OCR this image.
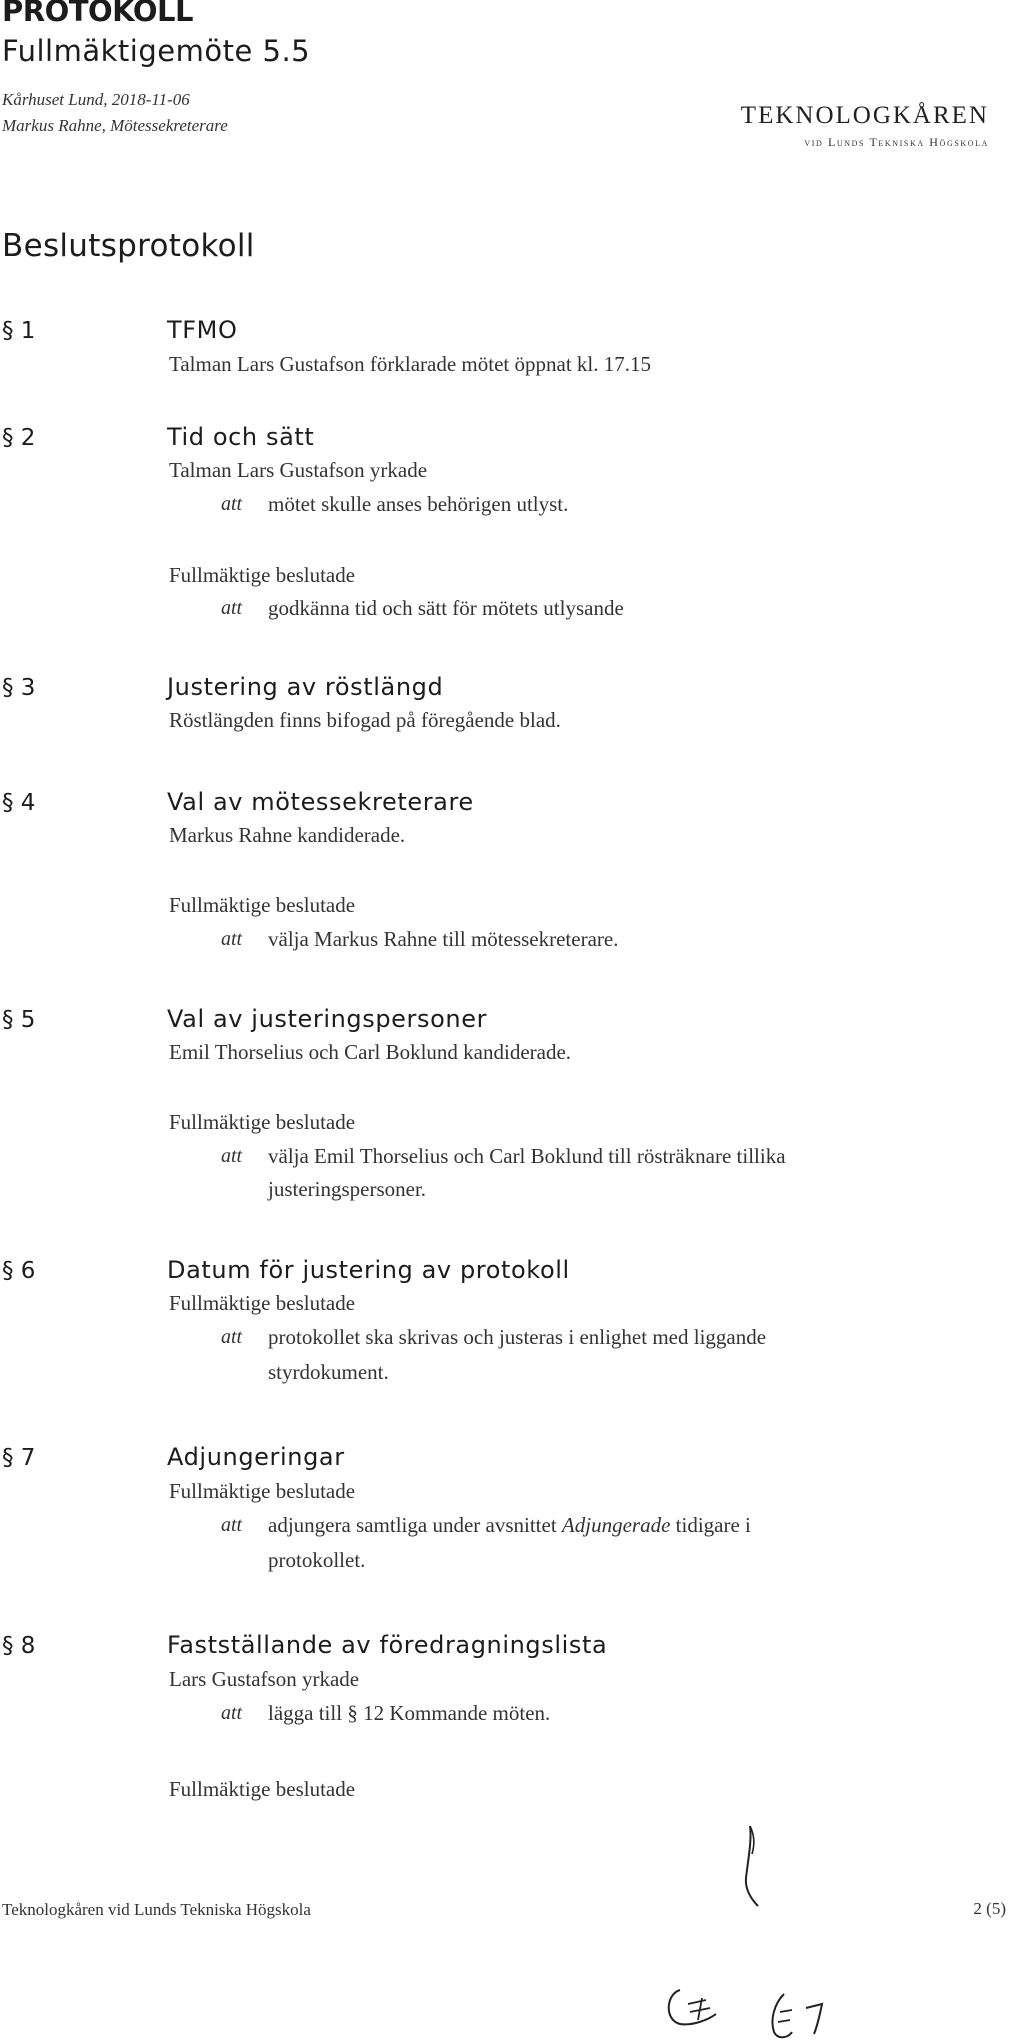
PROTOKOLL
Fullmäktigemöte 5.5
Kårhuset Lund, 2018-11-06
Markus Rahne, Mötessekreterare	TEKNOLOGKÅREN
vid Lunds Tekniska Högskola
Beslutsprotokoll
§ 1	TFMO
Talman Lars Gustafson förklarade mötet öppnat kl. 17.15
§ 2	Tid och sätt
Talman Lars Gustafson yrkade
att mötet skulle anses behörigen utlyst.
Fullmäktige beslutade
att godkänna tid och sätt för mötets utlysande
§ 3	Justering av röstlängd
Röstlängden finns bifogad på föregående blad.
§ 4	Val av mötessekreterare
Markus Rahne kandiderade.
Fullmäktige beslutade
att välja Markus Rahne till mötessekreterare.
§ 5	Val av justeringspersoner
Emil Thorselius och Carl Boklund kandiderade.
Fullmäktige beslutade
att välja Emil Thorselius och Carl Boklund till rösträknare tillika
justeringspersoner.
§ 6	Datum för justering av protokoll
Fullmäktige beslutade
att protokollet ska skrivas och justeras i enlighet med liggande
styrdokument.
§ 7	Adjungeringar
Fullmäktige beslutade
att adjungera samtliga under avsnittet Adjungerade tidigare i
protokollet.
§ 8	Fastställande av föredragningslista
Lars Gustafson yrkade
att lägga till § 12 Kommande möten.
Fullmäktige beslutade
Teknologkåren vid Lunds Tekniska Högskola	2 (5)
